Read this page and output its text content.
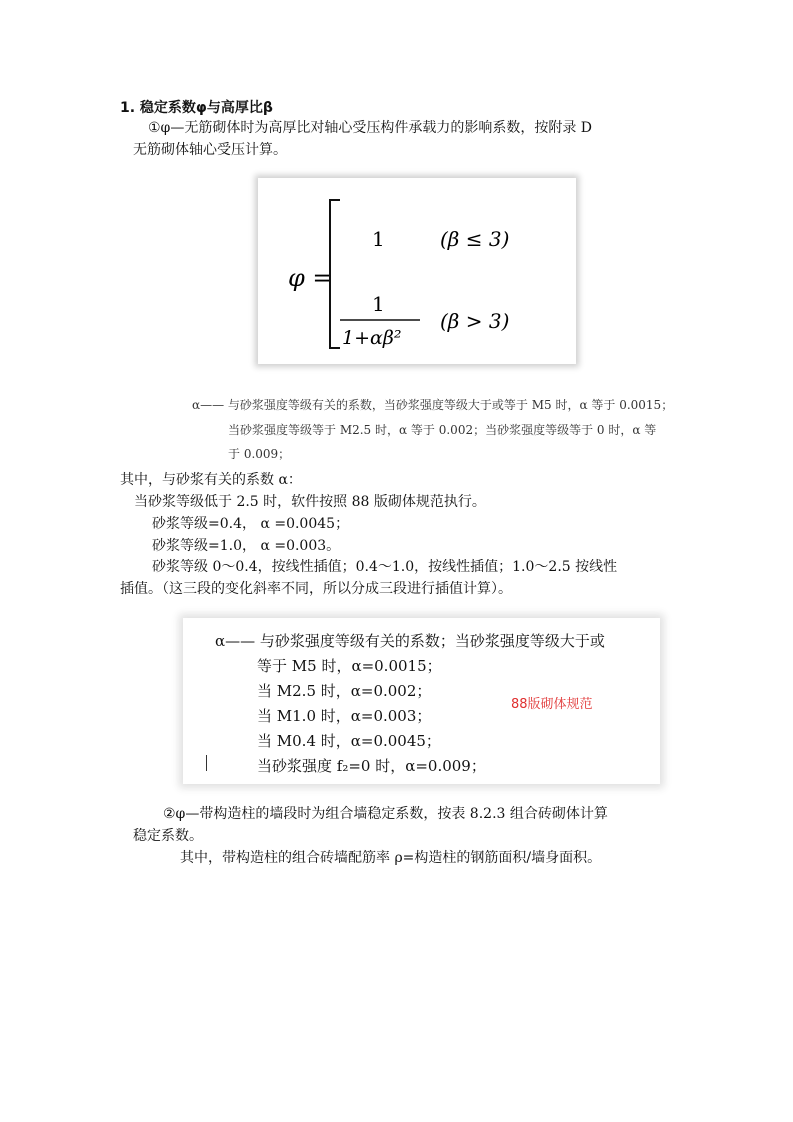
1. 稳定系数φ与高厚比β
①φ—无筋砌体时为高厚比对轴心受压构件承载力的影响系数，按附录 D
无筋砌体轴心受压计算。
φ =
1	(β ≤ 3)
1
1+αβ²
(β > 3)
α—— 与砂浆强度等级有关的系数，当砂浆强度等级大于或等于 M5 时，α 等于 0.0015；
当砂浆强度等级等于 M2.5 时，α 等于 0.002；当砂浆强度等级等于 0 时，α 等
于 0.009；
其中，与砂浆有关的系数 α：
当砂浆等级低于 2.5 时，软件按照 88 版砌体规范执行。
砂浆等级=0.4， α =0.0045；
砂浆等级=1.0， α =0.003。
砂浆等级 0～0.4，按线性插值；0.4～1.0，按线性插值；1.0～2.5 按线性
插值。（这三段的变化斜率不同，所以分成三段进行插值计算）。
α—— 与砂浆强度等级有关的系数；当砂浆强度等级大于或
等于 M5 时，α=0.0015；
当 M2.5 时，α=0.002；
当 M1.0 时，α=0.003；
当 M0.4 时，α=0.0045；
当砂浆强度 f₂=0 时，α=0.009；
88版砌体规范
②φ—带构造柱的墙段时为组合墙稳定系数，按表 8.2.3 组合砖砌体计算
稳定系数。
其中，带构造柱的组合砖墙配筋率 ρ=构造柱的钢筋面积/墙身面积。
